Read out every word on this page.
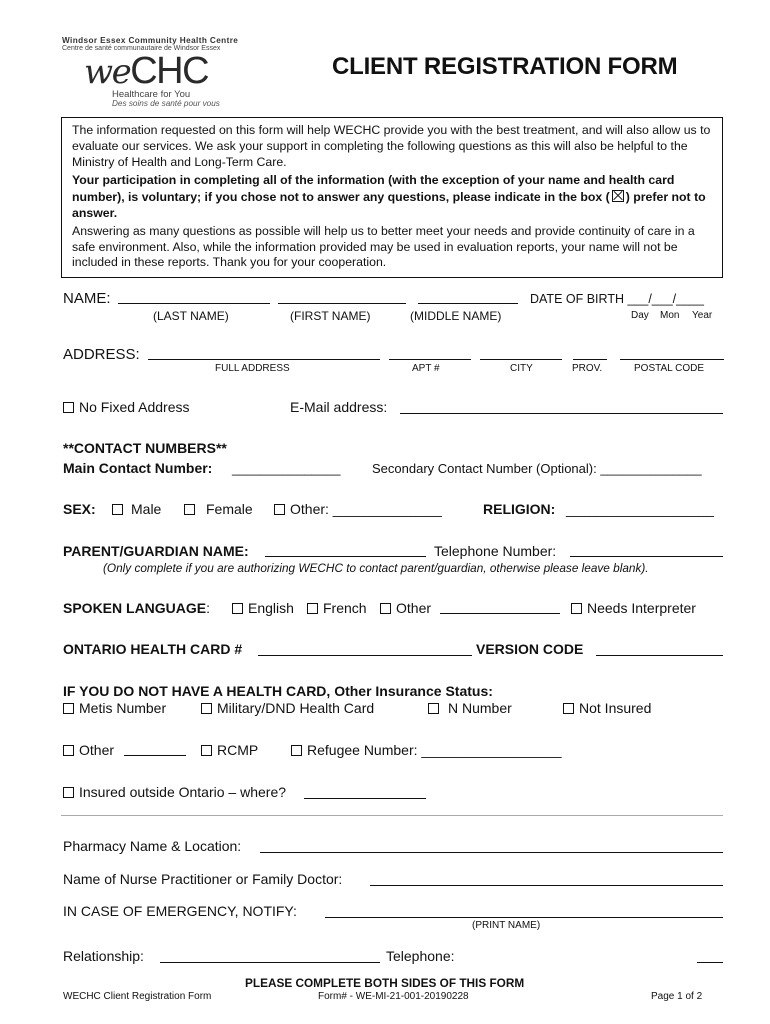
Windsor Essex Community Health Centre
Centre de santé communautaire de Windsor Essex
weCHC
Healthcare for You
Des soins de santé pour vous
CLIENT REGISTRATION FORM

The information requested on this form will help WECHC provide you with the best treatment, and will also allow us to evaluate our services. We ask your support in completing the following questions as this will also be helpful to the Ministry of Health and Long-Term Care.

Your participation in completing all of the information (with the exception of your name and health card number), is voluntary; if you chose not to answer any questions, please indicate in the box ( ) prefer not to answer.

Answering as many questions as possible will help us to better meet your needs and provide continuity of care in a safe environment. Also, while the information provided may be used in evaluation reports, your name will not be included in these reports. Thank you for your cooperation.

NAME:
(LAST NAME)	(FIRST NAME)	(MIDDLE NAME)
DATE OF BIRTH ___/___/____
Day Mon Year
ADDRESS:
FULL ADDRESS	APT #	CITY	PROV.	POSTAL CODE
No Fixed Address	E-Mail address:
**CONTACT NUMBERS**
Main Contact Number: _______________ Secondary Contact Number (Optional): ______________
SEX:	Male	Female	Other: ______________	RELIGION: ___________________
PARENT/GUARDIAN NAME:	Telephone Number:
(Only complete if you are authorizing WECHC to contact parent/guardian, otherwise please leave blank).
SPOKEN LANGUAGE:	English	French	Other	Needs Interpreter
ONTARIO HEALTH CARD #	VERSION CODE
IF YOU DO NOT HAVE A HEALTH CARD, Other Insurance Status:
Metis Number	Military/DND Health Card	N Number	Not Insured
Other	RCMP	Refugee Number: __________________
Insured outside Ontario – where?
Pharmacy Name & Location:
Name of Nurse Practitioner or Family Doctor:
IN CASE OF EMERGENCY, NOTIFY:
(PRINT NAME)
Relationship:	Telephone:
PLEASE COMPLETE BOTH SIDES OF THIS FORM
WECHC Client Registration Form	Form# - WE-MI-21-001-20190228	Page 1 of 2
